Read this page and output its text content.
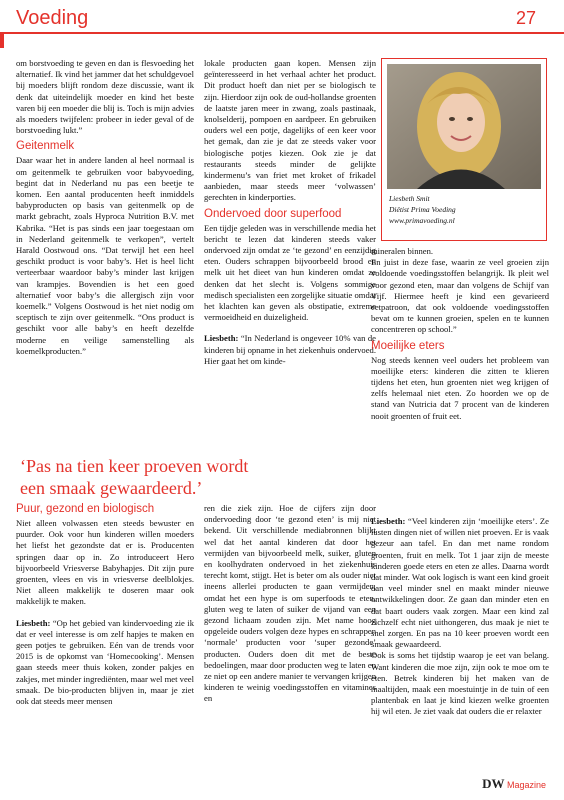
Voeding	27

om borstvoeding te geven en dan is flesvoeding het alternatief. Ik vind het jammer dat het schuldgevoel bij moeders blijft rondom deze discussie, want ik denk dat uiteindelijk moeder en kind het beste varen bij een moeder die blij is. Toch is mijn advies als moeders twijfelen: probeer in ieder geval of de borstvoeding lukt.”

Geitenmelk

Daar waar het in andere landen al heel normaal is om geitenmelk te gebruiken voor babyvoeding, begint dat in Nederland nu pas een beetje te komen. Een aantal producenten heeft inmiddels babyproducten op basis van geitenmelk op de markt gebracht, zoals Hyproca Nutrition B.V. met Kabrika. “Het is pas sinds een jaar toegestaan om in Nederland geitenmelk te verkopen”, vertelt Harald Oostwoud ons. “Dat terwijl het een heel geschikt product is voor baby’s. Het is heel licht verteerbaar waardoor baby’s minder last krijgen van krampjes. Bovendien is het een goed alternatief voor baby’s die allergisch zijn voor koemelk.” Volgens Oostwoud is het niet nodig om sceptisch te zijn over geitenmelk. “Ons product is geschikt voor alle baby’s en heeft dezelfde moderne en veilige samenstelling als koemelkproducten.”

lokale producten gaan kopen. Mensen zijn geïnteresseerd in het verhaal achter het product. Dit product hoeft dan niet per se biologisch te zijn. Hierdoor zijn ook de oud-hollandse groenten de laatste jaren meer in zwang, zoals pastinaak, knolselderij, pompoen en aardpeer. En gebruiken ouders wel een potje, dagelijks of een keer voor het gemak, dan zie je dat ze steeds vaker voor biologische potjes kiezen. Ook zie je dat restaurants steeds minder de gelijkte kindermenu’s van friet met kroket of frikadel aanbieden, maar steeds meer ‘volwassen’ gerechten in kinderporties.

Ondervoed door superfood

Een tijdje geleden was in verschillende media het bericht te lezen dat kinderen steeds vaker ondervoed zijn omdat ze ‘te gezond’ en eenzijdig eten. Ouders schrappen bijvoorbeeld brood en melk uit het dieet van hun kinderen omdat ze denken dat het slecht is. Volgens sommige medisch specialisten een zorgelijke situatie omdat het klachten kan geven als obstipatie, extreme vermoeidheid en duizeligheid.

Liesbeth: “In Nederland is ongeveer 10% van de kinderen bij opname in het ziekenhuis ondervoed. Hier gaat het om kinde-

Liesbeth Smit
Diëtist Prima Voeding
www.primavoeding.nl

mineralen binnen.

En juist in deze fase, waarin ze veel groeien zijn voldoende voedingsstoffen belangrijk. Ik pleit wel voor gezond eten, maar dan volgens de Schijf van Vijf. Hiermee heeft je kind een gevarieerd eetpatroon, dat ook voldoende voedingsstoffen bevat om te kunnen groeien, spelen en te kunnen concentreren op school.”

Moeilijke eters

Nog steeds kennen veel ouders het probleem van moeilijke eters: kinderen die zitten te klieren tijdens het eten, hun groenten niet weg krijgen of zelfs helemaal niet eten. Zo hoorden we op de stand van Nutricia dat 7 procent van de kinderen nooit groenten of fruit eet.

‘Pas na tien keer proeven wordt
een smaak gewaardeerd.’
Puur, gezond en biologisch

Niet alleen volwassen eten steeds bewuster en puurder. Ook voor hun kinderen willen moeders het liefst het gezondste dat er is. Producenten springen daar op in. Zo introduceert Hero bijvoorbeeld Vriesverse Babyhapjes. Dit zijn pure groenten, vlees en vis in vriesverse deelblokjes. Niet alleen makkelijk te doseren maar ook makkelijk te maken.

Liesbeth: “Op het gebied van kindervoeding zie ik dat er veel interesse is om zelf hapjes te maken en geen potjes te gebruiken. Eén van de trends voor 2015 is de opkomst van ‘Homecooking’. Mensen gaan steeds meer thuis koken, zonder pakjes en zakjes, met minder ingrediënten, maar wel met veel smaak. De bio-producten blijven in, maar je ziet ook dat steeds meer mensen

ren die ziek zijn. Hoe de cijfers zijn door ondervoeding door ‘te gezond eten’ is mij niet bekend. Uit verschillende mediabronnen blijkt wel dat het aantal kinderen dat door het vermijden van bijvoorbeeld melk, suiker, gluten en koolhydraten ondervoed in het ziekenhuis terecht komt, stijgt. Het is beter om als ouder niet ineens allerlei producten te gaan vermijden, omdat het een hype is om superfoods te eten, gluten weg te laten of suiker de vijand van een gezond lichaam zouden zijn. Met name hoog opgeleide ouders volgen deze hypes en schrappen ‘normale’ producten voor ‘super gezonde’ producten. Ouders doen dit met de beste bedoelingen, maar door producten weg te laten en ze niet op een andere manier te vervangen krijgen kinderen te weinig voedingsstoffen en vitamines en

Liesbeth: “Veel kinderen zijn ‘moeilijke eters’. Ze lusten dingen niet of willen niet proeven. Er is vaak gezeur aan tafel. En dan met name rondom groenten, fruit en melk. Tot 1 jaar zijn de meeste kinderen goede eters en eten ze alles. Daarna wordt dat minder. Wat ook logisch is want een kind groeit dan veel minder snel en maakt minder nieuwe ontwikkelingen door. Ze gaan dan minder eten en dat baart ouders vaak zorgen. Maar een kind zal zichzelf echt niet uithongeren, dus maak je niet te snel zorgen. En pas na 10 keer proeven wordt een smaak gewaardeerd.

Ook is soms het tijdstip waarop je eet van belang. Want kinderen die moe zijn, zijn ook te moe om te eten. Betrek kinderen bij het maken van de maaltijden, maak een moestuintje in de tuin of een plantenbak en laat je kind kiezen welke groenten hij wil eten. Je ziet vaak dat ouders die er relaxter

DW Magazine
